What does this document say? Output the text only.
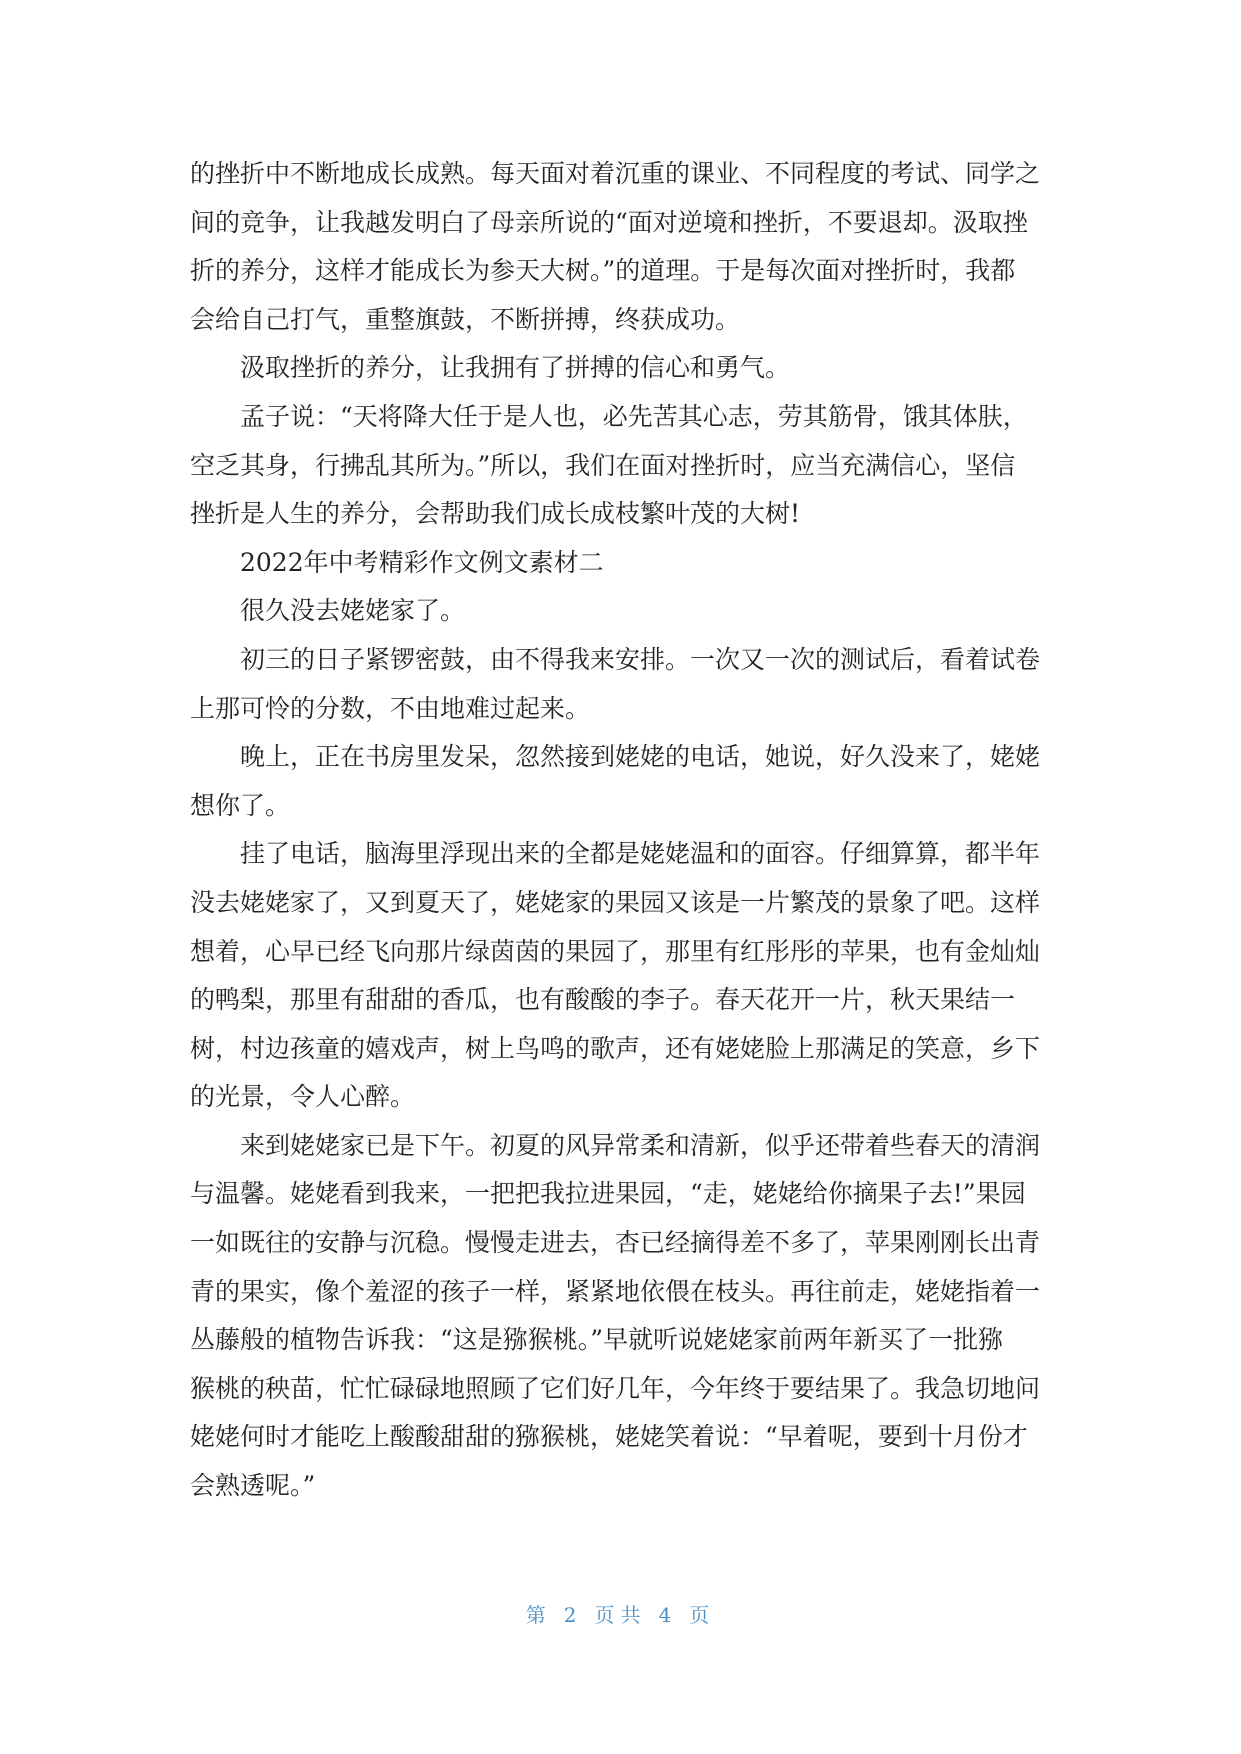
的挫折中不断地成长成熟。每天面对着沉重的课业、不同程度的考试、同学之

间的竞争，让我越发明白了母亲所说的“面对逆境和挫折，不要退却。汲取挫

折的养分，这样才能成长为参天大树。”的道理。于是每次面对挫折时，我都

会给自己打气，重整旗鼓，不断拼搏，终获成功。

汲取挫折的养分，让我拥有了拼搏的信心和勇气。

孟子说：“天将降大任于是人也，必先苦其心志，劳其筋骨，饿其体肤，

空乏其身，行拂乱其所为。”所以，我们在面对挫折时，应当充满信心，坚信

挫折是人生的养分，会帮助我们成长成枝繁叶茂的大树!

2022年中考精彩作文例文素材二

很久没去姥姥家了。

初三的日子紧锣密鼓，由不得我来安排。一次又一次的测试后，看着试卷

上那可怜的分数，不由地难过起来。

晚上，正在书房里发呆，忽然接到姥姥的电话，她说，好久没来了，姥姥

想你了。

挂了电话，脑海里浮现出来的全都是姥姥温和的面容。仔细算算，都半年

没去姥姥家了，又到夏天了，姥姥家的果园又该是一片繁茂的景象了吧。这样

想着，心早已经飞向那片绿茵茵的果园了，那里有红彤彤的苹果，也有金灿灿

的鸭梨，那里有甜甜的香瓜，也有酸酸的李子。春天花开一片，秋天果结一

树，村边孩童的嬉戏声，树上鸟鸣的歌声，还有姥姥脸上那满足的笑意，乡下

的光景，令人心醉。

来到姥姥家已是下午。初夏的风异常柔和清新，似乎还带着些春天的清润

与温馨。姥姥看到我来，一把把我拉进果园，“走，姥姥给你摘果子去!”果园

一如既往的安静与沉稳。慢慢走进去，杏已经摘得差不多了，苹果刚刚长出青

青的果实，像个羞涩的孩子一样，紧紧地依偎在枝头。再往前走，姥姥指着一

丛藤般的植物告诉我：“这是猕猴桃。”早就听说姥姥家前两年新买了一批猕

猴桃的秧苗，忙忙碌碌地照顾了它们好几年，今年终于要结果了。我急切地问

姥姥何时才能吃上酸酸甜甜的猕猴桃，姥姥笑着说：“早着呢，要到十月份才

会熟透呢。”

第 2 页共 4 页
